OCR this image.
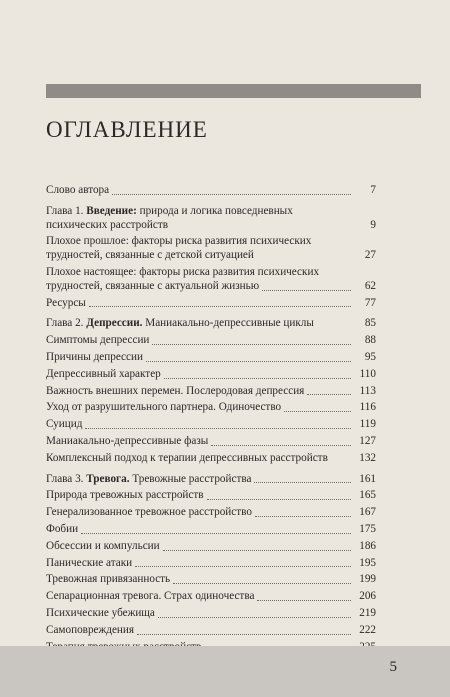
ОГЛАВЛЕНИЕ
Слово автора	7
Глава 1. Введение: природа и логика повседневных
психических расстройств	9
Плохое прошлое: факторы риска развития психических
трудностей, связанные с детской ситуацией	27
Плохое настоящее: факторы риска развития психических
трудностей, связанные с актуальной жизнью	62
Ресурсы	77
Глава 2. Депрессии. Маниакально-депрессивные циклы	85
Симптомы депрессии	88
Причины депрессии	95
Депрессивный характер	110
Важность внешних перемен. Послеродовая депрессия	113
Уход от разрушительного партнера. Одиночество	116
Суицид	119
Маниакально-депрессивные фазы	127
Комплексный подход к терапии депрессивных расстройств	132
Глава 3. Тревога. Тревожные расстройства	161
Природа тревожных расстройств	165
Генерализованное тревожное расстройство	167
Фобии	175
Обсессии и компульсии	186
Панические атаки	195
Тревожная привязанность	199
Сепарационная тревога. Страх одиночества	206
Психические убежища	219
Самоповреждения	222
5
